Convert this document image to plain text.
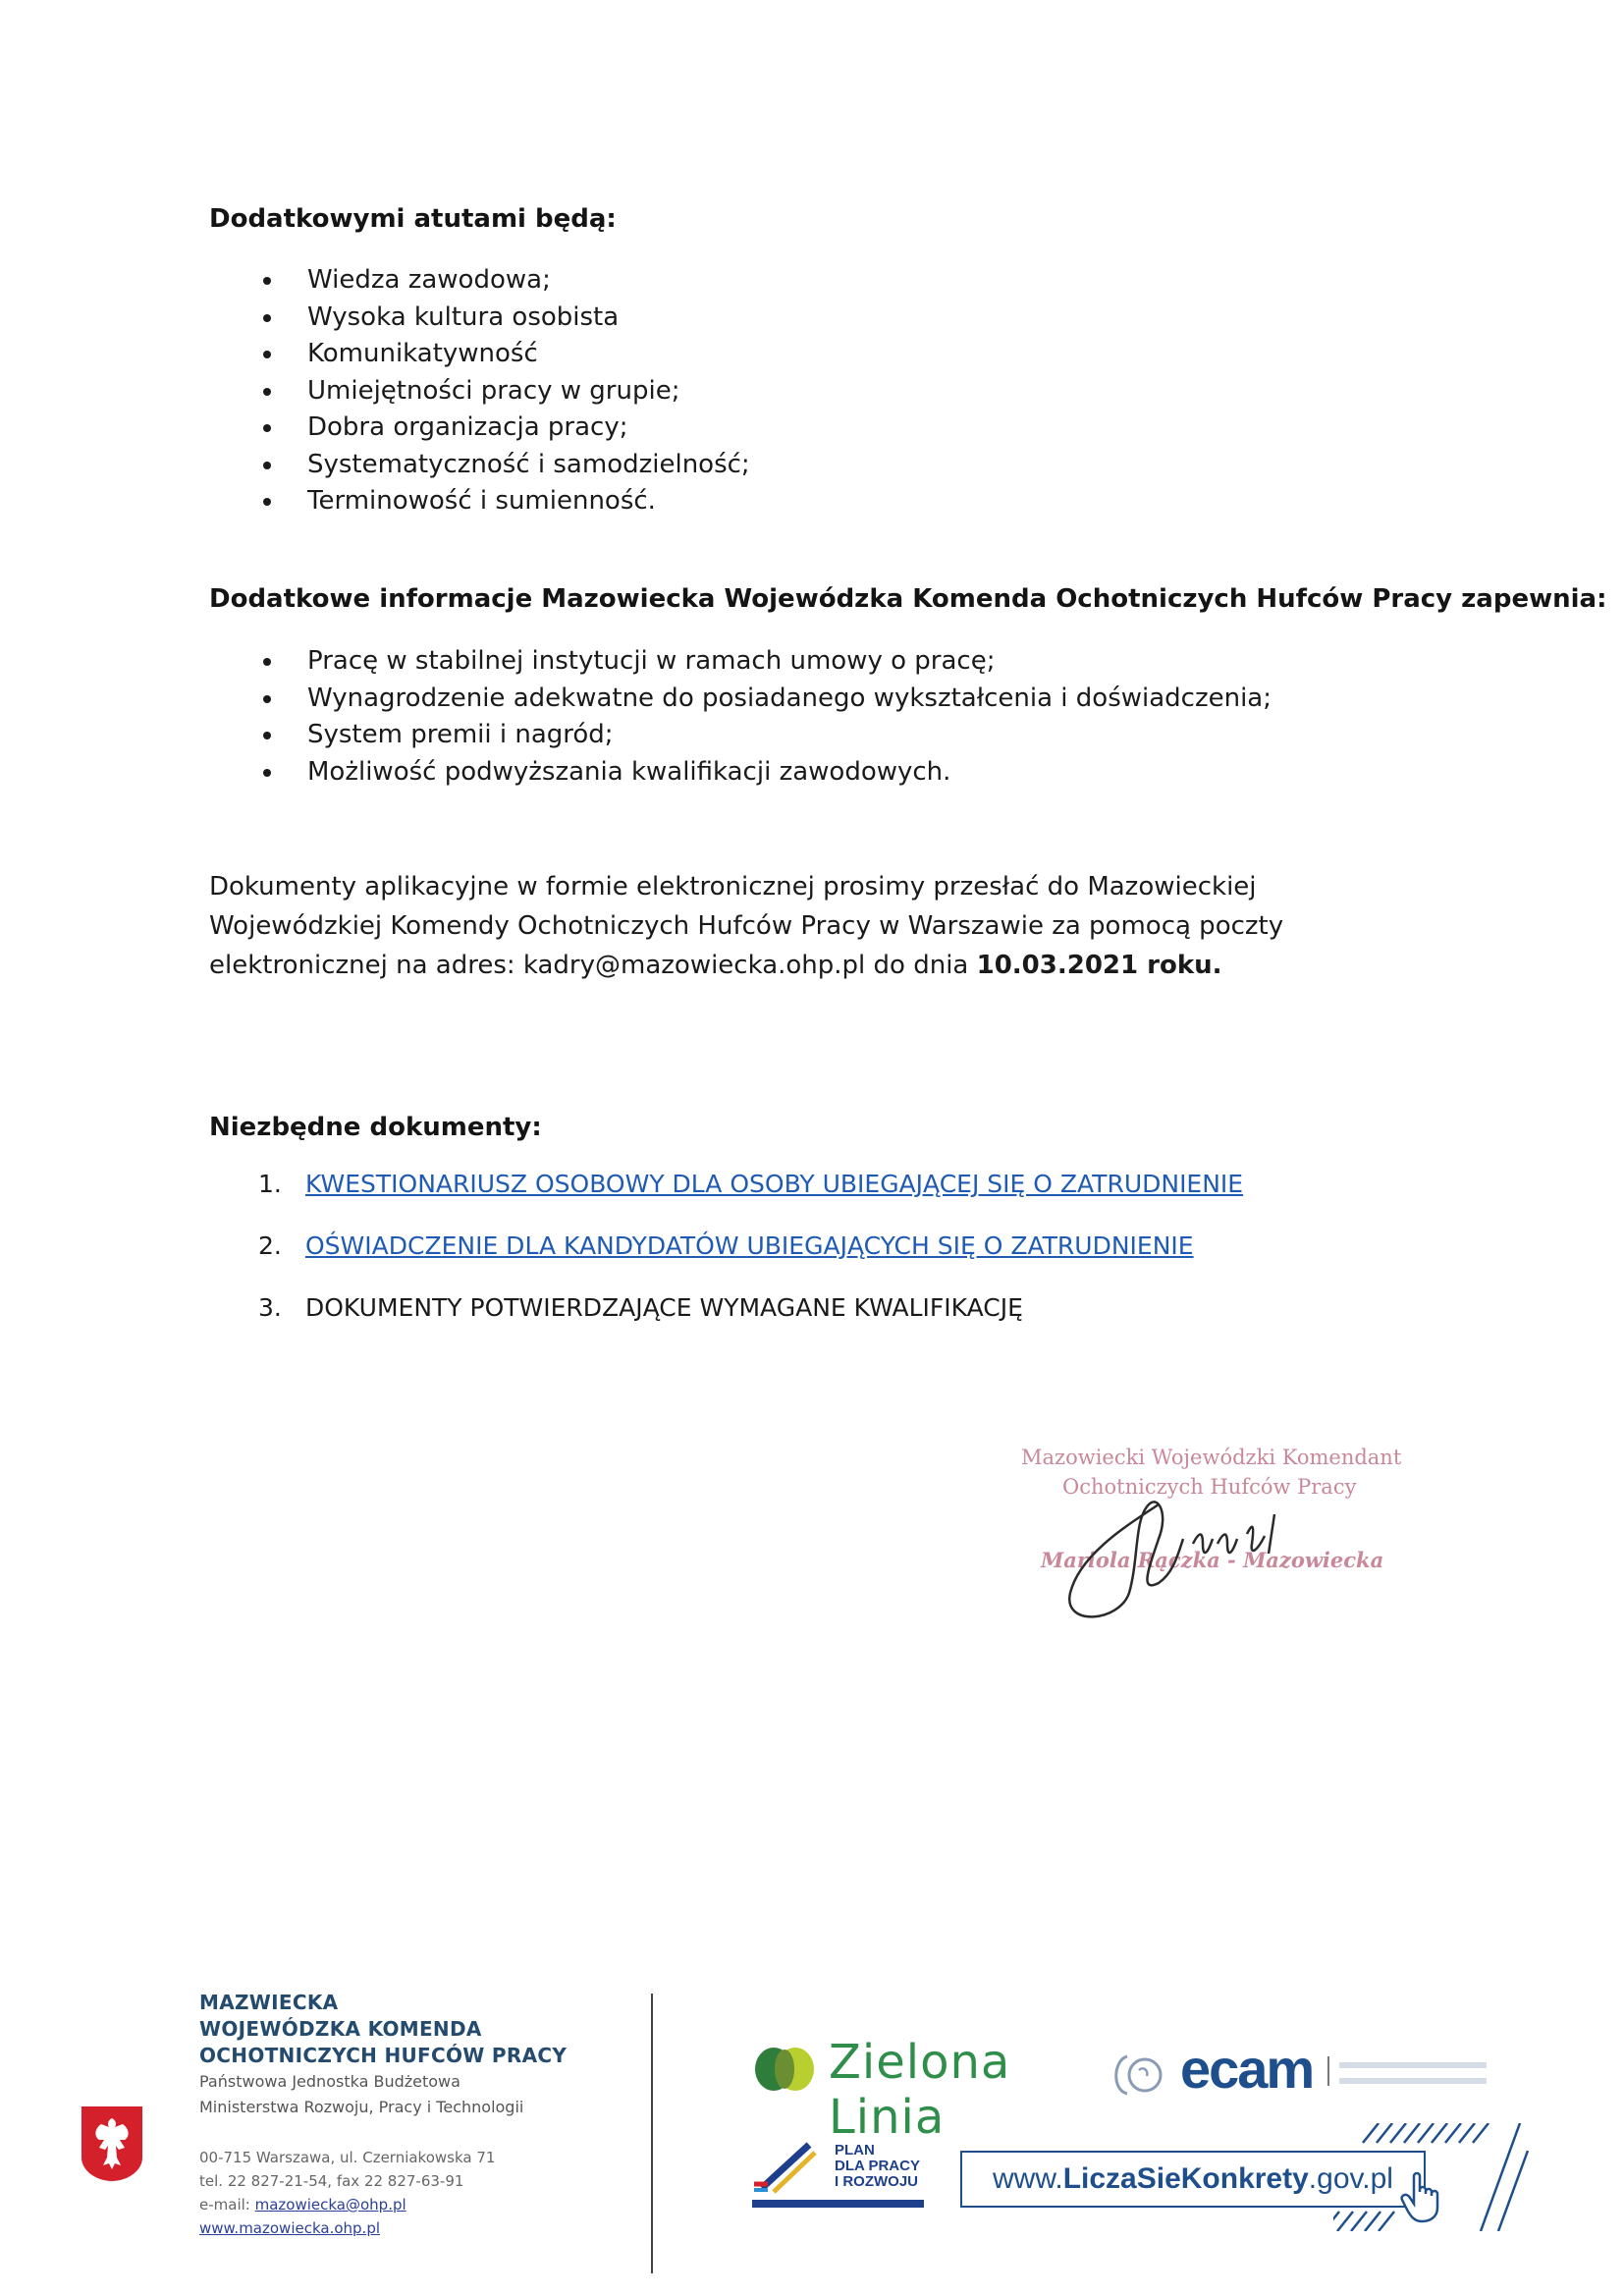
Dodatkowymi atutami będą:
Wiedza zawodowa;
Wysoka kultura osobista
Komunikatywność
Umiejętności pracy w grupie;
Dobra organizacja pracy;
Systematyczność i samodzielność;
Terminowość i sumienność.
Dodatkowe informacje Mazowiecka Wojewódzka Komenda Ochotniczych Hufców Pracy zapewnia:
Pracę w stabilnej instytucji w ramach umowy o pracę;
Wynagrodzenie adekwatne do posiadanego wykształcenia i doświadczenia;
System premii i nagród;
Możliwość podwyższania kwalifikacji zawodowych.
Dokumenty aplikacyjne w formie elektronicznej prosimy przesłać do Mazowieckiej Wojewódzkiej Komendy Ochotniczych Hufców Pracy w Warszawie za pomocą poczty elektronicznej na adres: kadry@mazowiecka.ohp.pl do dnia 10.03.2021 roku.
Niezbędne dokumenty:
1. KWESTIONARIUSZ OSOBOWY DLA OSOBY UBIEGAJĄCEJ SIĘ O ZATRUDNIENIE
2. OŚWIADCZENIE DLA KANDYDATÓW UBIEGAJĄCYCH SIĘ O ZATRUDNIENIE
3. DOKUMENTY POTWIERDZAJĄCE WYMAGANE KWALIFIKACJĘ
Mazowiecki Wojewódzki Komendant
Ochotniczych Hufców Pracy
Mariola Rączka - Mazowiecka
MAZWIECKA
WOJEWÓDZKA KOMENDA
OCHOTNICZYCH HUFCÓW PRACY
Państwowa Jednostka Budżetowa
Ministerstwa Rozwoju, Pracy i Technologii
00-715 Warszawa, ul. Czerniakowska 71
tel. 22 827-21-54, fax 22 827-63-91
e-mail: mazowiecka@ohp.pl
www.mazowiecka.ohp.pl
Zielona Linia
ecam
PLAN
DLA PRACY
I ROZWOJU	www.LiczaSieKonkrety.gov.pl
